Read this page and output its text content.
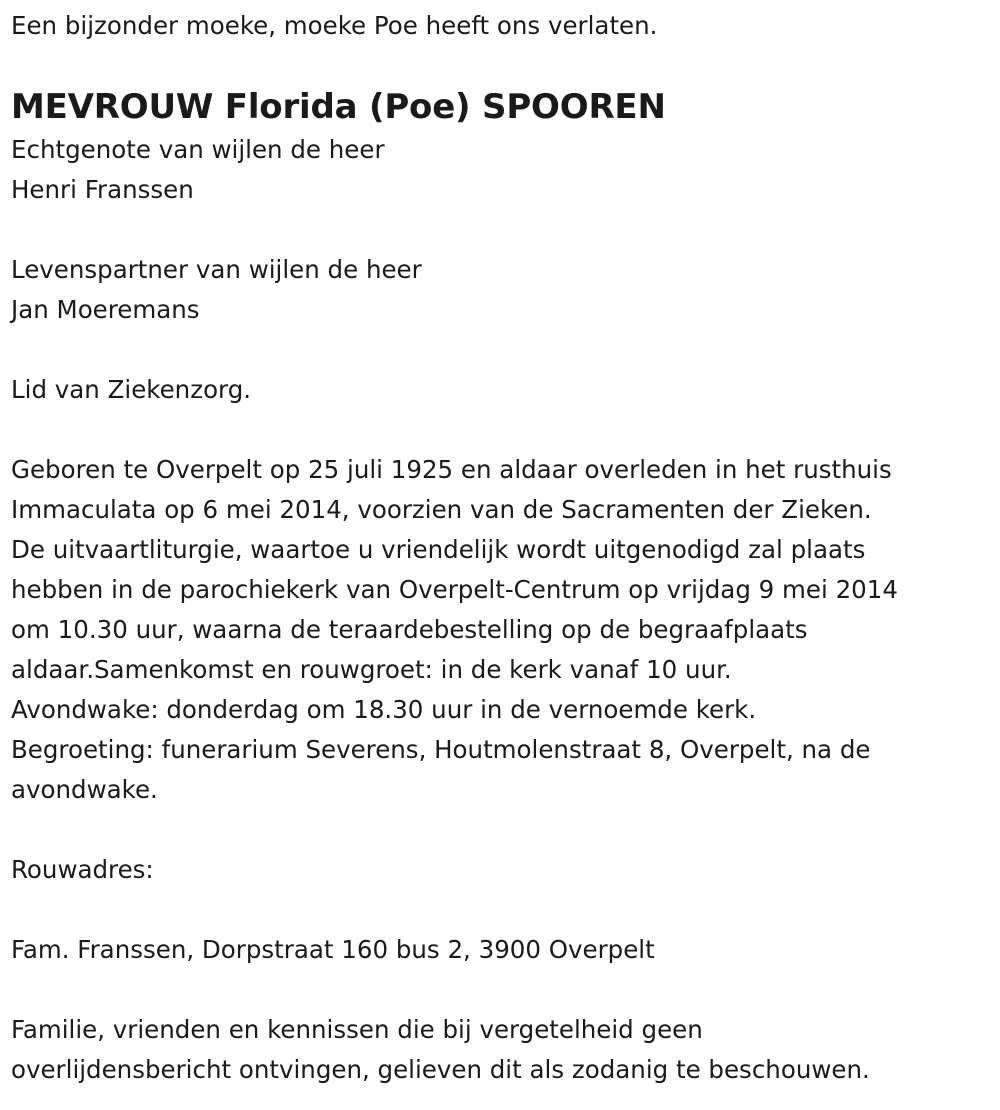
Een bijzonder moeke, moeke Poe heeft ons verlaten.
MEVROUW Florida (Poe) SPOOREN
Echtgenote van wijlen de heer
Henri Franssen
Levenspartner van wijlen de heer
Jan Moeremans
Lid van Ziekenzorg.
Geboren te Overpelt op 25 juli 1925 en aldaar overleden in het rusthuis
Immaculata op 6 mei 2014, voorzien van de Sacramenten der Zieken.
De uitvaartliturgie, waartoe u vriendelijk wordt uitgenodigd zal plaats
hebben in de parochiekerk van Overpelt-Centrum op vrijdag 9 mei 2014
om 10.30 uur, waarna de teraardebestelling op de begraafplaats
aldaar.Samenkomst en rouwgroet: in de kerk vanaf 10 uur.
Avondwake: donderdag om 18.30 uur in de vernoemde kerk.
Begroeting: funerarium Severens, Houtmolenstraat 8, Overpelt, na de
avondwake.
Rouwadres:
Fam. Franssen, Dorpstraat 160 bus 2, 3900 Overpelt
Familie, vrienden en kennissen die bij vergetelheid geen
overlijdensbericht ontvingen, gelieven dit als zodanig te beschouwen.
